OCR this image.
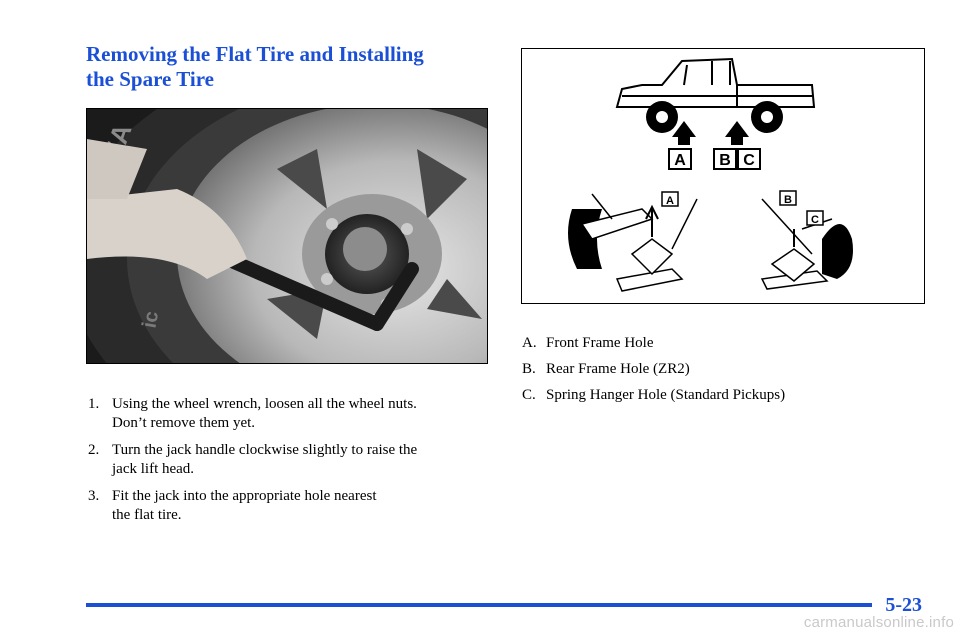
Removing the Flat Tire and Installing
the Spare Tire
ic
1. Using the wheel wrench, loosen all the wheel nuts.
Don’t remove them yet.
2. Turn the jack handle clockwise slightly to raise the
jack lift head.
3. Fit the jack into the appropriate hole nearest
the flat tire.
A B C
A	B
C
A. Front Frame Hole
B. Rear Frame Hole (ZR2)
C. Spring Hanger Hole (Standard Pickups)
5-23
carmanualsonline.info
